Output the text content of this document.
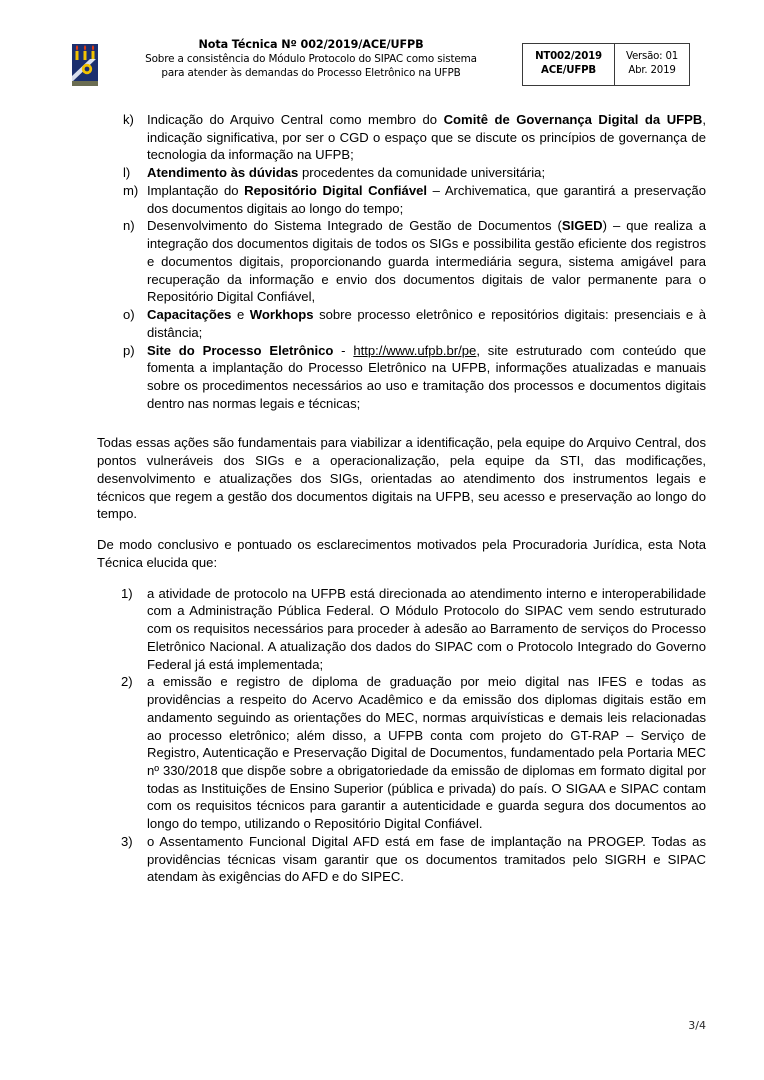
Nota Técnica Nº 002/2019/ACE/UFPB
Sobre a consistência do Módulo Protocolo do SIPAC como sistema
para atender às demandas do Processo Eletrônico na UFPB
NT002/2019
ACE/UFPB
Versão: 01
Abr. 2019
k) Indicação do Arquivo Central como membro do Comitê de Governança Digital da UFPB, indicação significativa, por ser o CGD o espaço que se discute os princípios de governança de tecnologia da informação na UFPB;
l)	Atendimento às dúvidas procedentes da comunidade universitária;
m) Implantação do Repositório Digital Confiável – Archivematica, que garantirá a preservação dos documentos digitais ao longo do tempo;
n) Desenvolvimento do Sistema Integrado de Gestão de Documentos (SIGED) – que realiza a integração dos documentos digitais de todos os SIGs e possibilita gestão eficiente dos registros e documentos digitais, proporcionando guarda intermediária segura, sistema amigável para recuperação da informação e envio dos documentos digitais de valor permanente para o Repositório Digital Confiável,
o) Capacitações e Workhops sobre processo eletrônico e repositórios digitais: presenciais e à distância;
p) Site do Processo Eletrônico - http://www.ufpb.br/pe, site estruturado com conteúdo que fomenta a implantação do Processo Eletrônico na UFPB, informações atualizadas e manuais sobre os procedimentos necessários ao uso e tramitação dos processos e documentos digitais dentro nas normas legais e técnicas;

Todas essas ações são fundamentais para viabilizar a identificação, pela equipe do Arquivo Central, dos pontos vulneráveis dos SIGs e a operacionalização, pela equipe da STI, das modificações, desenvolvimento e atualizações dos SIGs, orientadas ao atendimento dos instrumentos legais e técnicos que regem a gestão dos documentos digitais na UFPB, seu acesso e preservação ao longo do tempo.

De modo conclusivo e pontuado os esclarecimentos motivados pela Procuradoria Jurídica, esta Nota Técnica elucida que:

1)	a atividade de protocolo na UFPB está direcionada ao atendimento interno e interoperabilidade com a Administração Pública Federal. O Módulo Protocolo do SIPAC vem sendo estruturado com os requisitos necessários para proceder à adesão ao Barramento de serviços do Processo Eletrônico Nacional. A atualização dos dados do SIPAC com o Protocolo Integrado do Governo Federal já está implementada;
2)	a emissão e registro de diploma de graduação por meio digital nas IFES e todas as providências a respeito do Acervo Acadêmico e da emissão dos diplomas digitais estão em andamento seguindo as orientações do MEC, normas arquivísticas e demais leis relacionadas ao processo eletrônico; além disso, a UFPB conta com projeto do GT-RAP – Serviço de Registro, Autenticação e Preservação Digital de Documentos, fundamentado pela Portaria MEC nº 330/2018 que dispõe sobre a obrigatoriedade da emissão de diplomas em formato digital por todas as Instituições de Ensino Superior (pública e privada) do país. O SIGAA e SIPAC contam com os requisitos técnicos para garantir a autenticidade e guarda segura dos documentos ao longo do tempo, utilizando o Repositório Digital Confiável.
3)	o Assentamento Funcional Digital AFD está em fase de implantação na PROGEP. Todas as providências técnicas visam garantir que os documentos tramitados pelo SIGRH e SIPAC atendam às exigências do AFD e do SIPEC.
3/4
